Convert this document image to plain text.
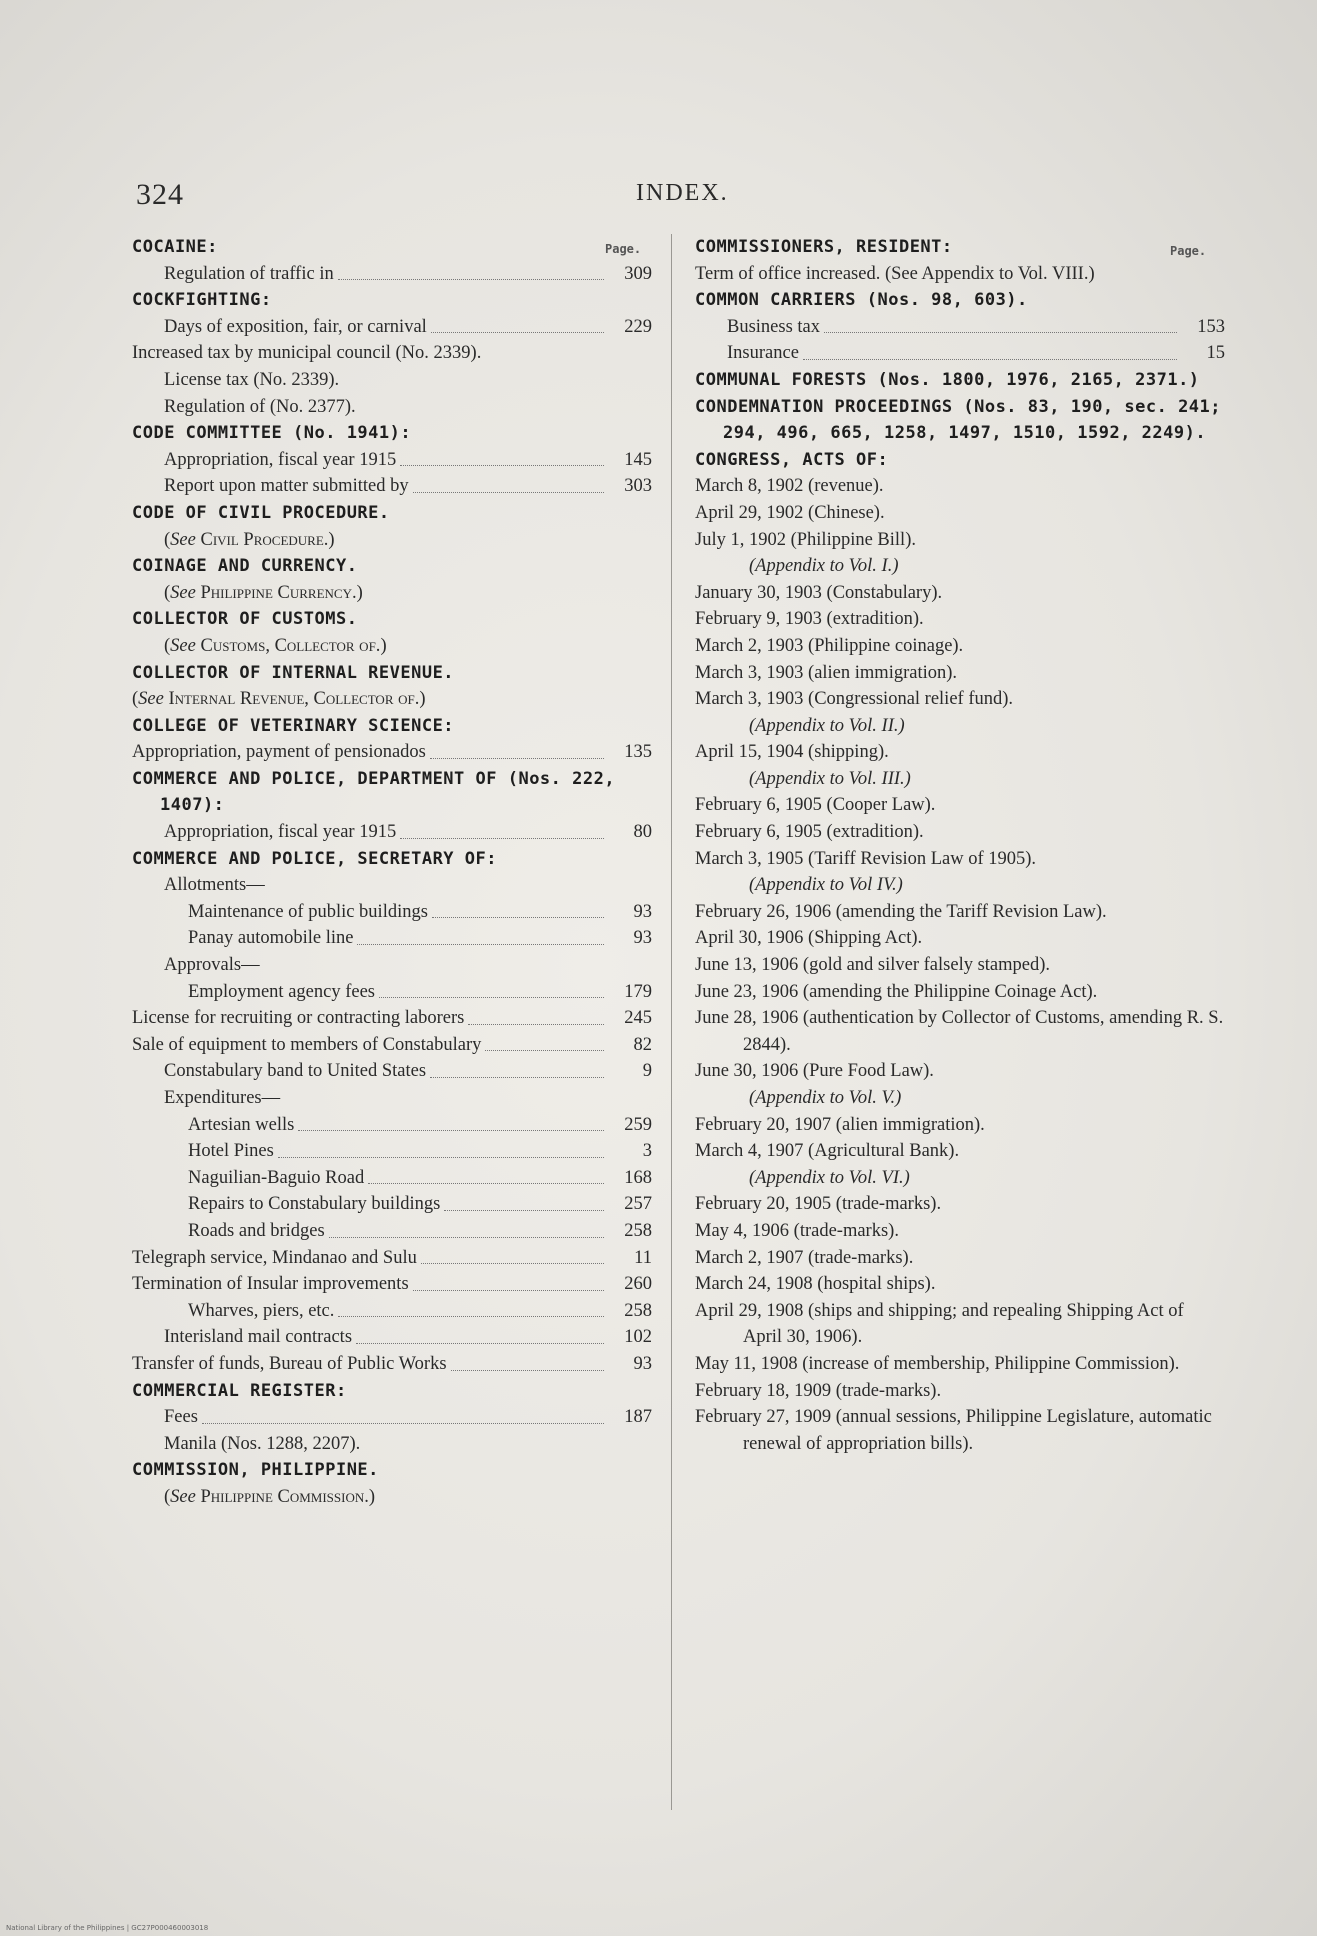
324	INDEX.
Page.	Page.
COCAINE:
Regulation of traffic in	309
COCKFIGHTING:
Days of exposition, fair, or carnival	229
Increased tax by municipal council (No. 2339).
License tax (No. 2339).
Regulation of (No. 2377).
CODE COMMITTEE (No. 1941):
Appropriation, fiscal year 1915	145
Report upon matter submitted by	303
CODE OF CIVIL PROCEDURE.
(See Civil Procedure.)
COINAGE AND CURRENCY.
(See Philippine Currency.)
COLLECTOR OF CUSTOMS.
(See Customs, Collector of.)
COLLECTOR OF INTERNAL REVENUE.
(See Internal Revenue, Collector of.)
COLLEGE OF VETERINARY SCIENCE:
Appropriation, payment of pensionados	135
COMMERCE AND POLICE, DEPARTMENT OF (Nos. 222, 1407):
Appropriation, fiscal year 1915	80
COMMERCE AND POLICE, SECRETARY OF:
Allotments—
Maintenance of public buildings	93
Panay automobile line	93
Approvals—
Employment agency fees	179
License for recruiting or contracting laborers	245
Sale of equipment to members of Constabulary	82
Constabulary band to United States	9
Expenditures—
Artesian wells	259
Hotel Pines	3
Naguilian-Baguio Road	168
Repairs to Constabulary buildings	257
Roads and bridges	258
Telegraph service, Mindanao and Sulu	11
Termination of Insular improvements	260
Wharves, piers, etc.	258
Interisland mail contracts	102
Transfer of funds, Bureau of Public Works	93
COMMERCIAL REGISTER:
Fees	187
Manila (Nos. 1288, 2207).
COMMISSION, PHILIPPINE.
(See Philippine Commission.)
COMMISSIONERS, RESIDENT:
Term of office increased. (See Appendix to Vol. VIII.)
COMMON CARRIERS (Nos. 98, 603).
Business tax	153
Insurance	15
COMMUNAL FORESTS (Nos. 1800, 1976, 2165, 2371.)
CONDEMNATION PROCEEDINGS (Nos. 83, 190, sec. 241; 294, 496, 665, 1258, 1497, 1510, 1592, 2249).
CONGRESS, ACTS OF:
March 8, 1902 (revenue).
April 29, 1902 (Chinese).
July 1, 1902 (Philippine Bill).
(Appendix to Vol. I.)
January 30, 1903 (Constabulary).
February 9, 1903 (extradition).
March 2, 1903 (Philippine coinage).
March 3, 1903 (alien immigration).
March 3, 1903 (Congressional relief fund).
(Appendix to Vol. II.)
April 15, 1904 (shipping).
(Appendix to Vol. III.)
February 6, 1905 (Cooper Law).
February 6, 1905 (extradition).
March 3, 1905 (Tariff Revision Law of 1905).
(Appendix to Vol IV.)
February 26, 1906 (amending the Tariff Revision Law).
April 30, 1906 (Shipping Act).
June 13, 1906 (gold and silver falsely stamped).
June 23, 1906 (amending the Philippine Coinage Act).
June 28, 1906 (authentication by Collector of Customs, amending R. S. 2844).
June 30, 1906 (Pure Food Law).
(Appendix to Vol. V.)
February 20, 1907 (alien immigration).
March 4, 1907 (Agricultural Bank).
(Appendix to Vol. VI.)
February 20, 1905 (trade-marks).
May 4, 1906 (trade-marks).
March 2, 1907 (trade-marks).
March 24, 1908 (hospital ships).
April 29, 1908 (ships and shipping; and repealing Shipping Act of April 30, 1906).
May 11, 1908 (increase of membership, Philippine Commission).
February 18, 1909 (trade-marks).
February 27, 1909 (annual sessions, Philippine Legislature, automatic renewal of appropriation bills).
National Library of the Philippines | GC27P000460003018
